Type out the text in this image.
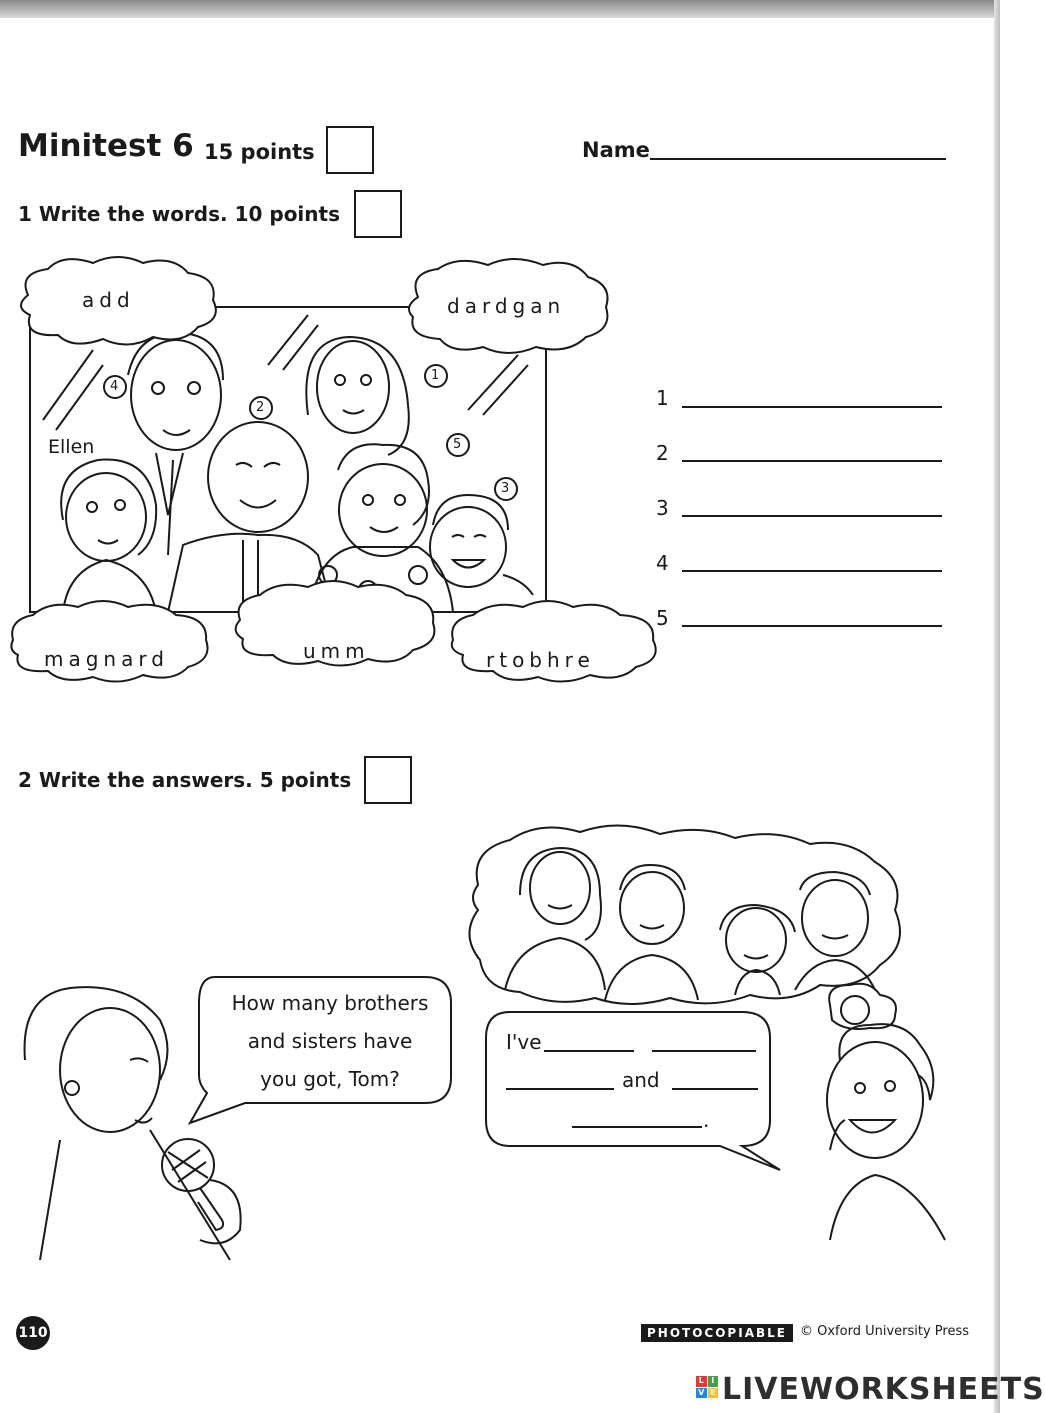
Minitest 6 15 points	Name
1 Write the words. 10 points
add	dardgan
magnard	umm	rtobhre
Ellen
1
2
3
4
5
1
2
3
4
5
2 Write the answers. 5 points
How many brothers
and sisters have
you got, Tom?
I've
and
.
110	PHOTOCOPIABLE	© Oxford University Press
L I
V E LIVEWORKSHEETS
